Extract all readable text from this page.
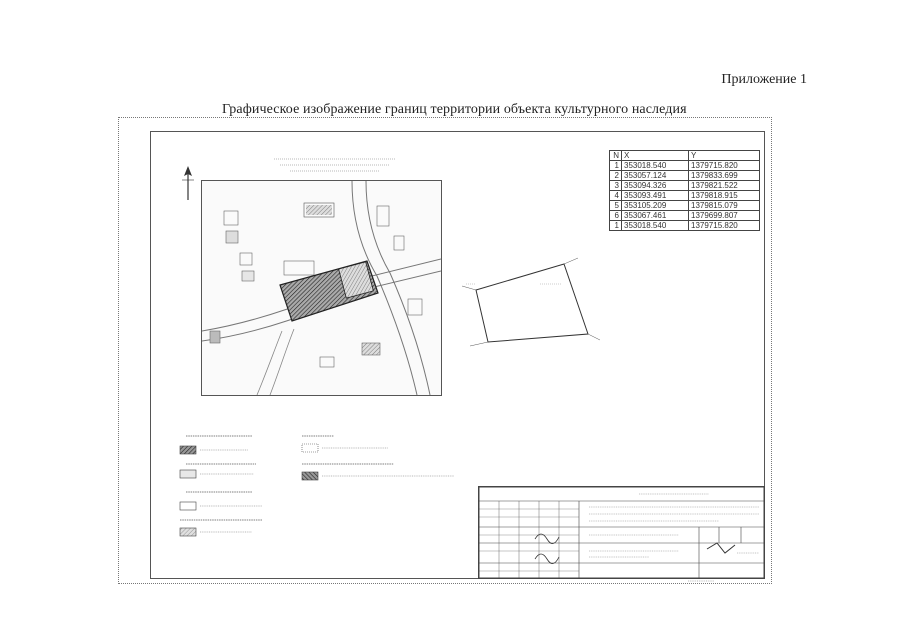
Приложение 1
Графическое изображение границ территории объекта культурного наследия
N	X	Y
1	353018.540	1379715.820
2	353057.124	1379833.699
3	353094.326	1379821.522
4	353093.491	1379818.915
5	353105.209	1379815.079
6	353067.461	1379699.807
1	353018.540	1379715.820
